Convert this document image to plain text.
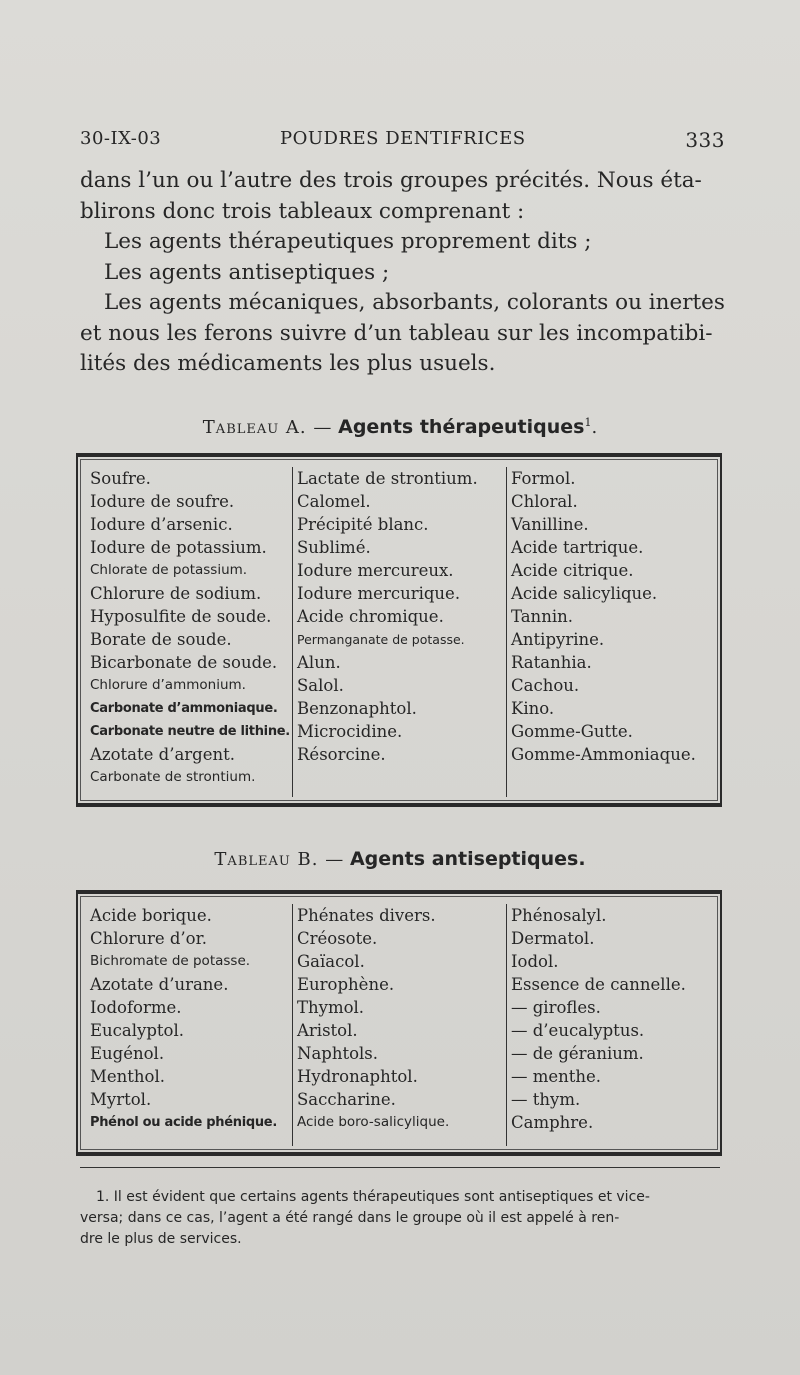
30-IX-03	POUDRES DENTIFRICES	333

dans l’un ou l’autre des trois groupes précités. Nous éta-

blirons donc trois tableaux comprenant :

Les agents thérapeutiques proprement dits ;

Les agents antiseptiques ;

Les agents mécaniques, absorbants, colorants ou inertes

et nous les ferons suivre d’un tableau sur les incompatibi-

lités des médicaments les plus usuels.

Tableau A. — Agents thérapeutiques$^1$.
Soufre.
Iodure de soufre.
Iodure d’arsenic.
Iodure de potassium.
Chlorate de potassium.
Chlorure de sodium.
Hyposulfite de soude.
Borate de soude.
Bicarbonate de soude.
Chlorure d’ammonium.
Carbonate d’ammoniaque.
Carbonate neutre de lithine.
Azotate d’argent.
Carbonate de strontium.
Lactate de strontium.
Calomel.
Précipité blanc.
Sublimé.
Iodure mercureux.
Iodure mercurique.
Acide chromique.
Permanganate de potasse.
Alun.
Salol.
Benzonaphtol.
Microcidine.
Résorcine.
Formol.
Chloral.
Vanilline.
Acide tartrique.
Acide citrique.
Acide salicylique.
Tannin.
Antipyrine.
Ratanhia.
Cachou.
Kino.
Gomme-Gutte.
Gomme-Ammoniaque.
Tableau B. — Agents antiseptiques.
Acide borique.
Chlorure d’or.
Bichromate de potasse.
Azotate d’urane.
Iodoforme.
Eucalyptol.
Eugénol.
Menthol.
Myrtol.
Phénol ou acide phénique.
Phénates divers.
Créosote.
Gaïacol.
Europhène.
Thymol.
Aristol.
Naphtols.
Hydronaphtol.
Saccharine.
Acide boro-salicylique.
Phénosalyl.
Dermatol.
Iodol.
Essence de cannelle.
— girofles.
— d’eucalyptus.
— de géranium.
— menthe.
— thym.
Camphre.
1. Il est évident que certains agents thérapeutiques sont antiseptiques et vice-
versa; dans ce cas, l’agent a été rangé dans le groupe où il est appelé à ren-
dre le plus de services.
